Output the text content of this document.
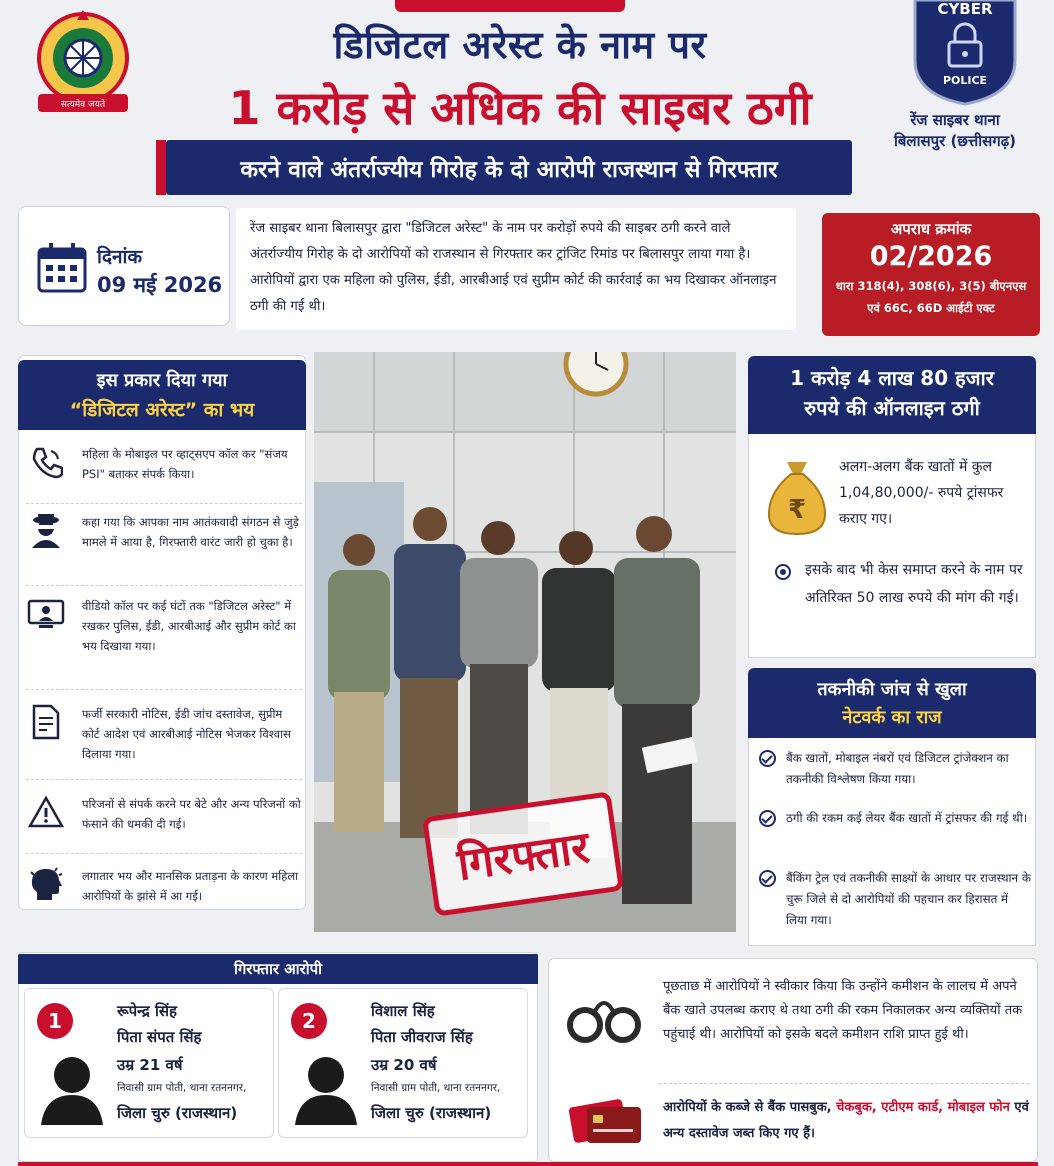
सत्यमेव जयते
डिजिटल अरेस्ट के नाम पर
1 करोड़ से अधिक की साइबर ठगी
करने वाले अंतर्राज्यीय गिरोह के दो आरोपी राजस्थान से गिरफ्तार
CYBER
POLICE
रेंज साइबर थाना
बिलासपुर (छत्तीसगढ़)
दिनांक
09 मई 2026
रेंज साइबर थाना बिलासपुर द्वारा "डिजिटल अरेस्ट" के नाम पर करोड़ों रुपये की साइबर ठगी करने वाले अंतर्राज्यीय गिरोह के दो आरोपियों को राजस्थान से गिरफ्तार कर ट्रांजिट रिमांड पर बिलासपुर लाया गया है। आरोपियों द्वारा एक महिला को पुलिस, ईडी, आरबीआई एवं सुप्रीम कोर्ट की कार्रवाई का भय दिखाकर ऑनलाइन ठगी की गई थी।
अपराध क्रमांक
02/2026
धारा 318(4), 308(6), 3(5) बीएनएस
एवं 66C, 66D आईटी एक्ट
इस प्रकार दिया गया
“डिजिटल अरेस्ट” का भय
महिला के मोबाइल पर व्हाट्सएप कॉल कर "संजय PSI" बताकर संपर्क किया।
कहा गया कि आपका नाम आतंकवादी संगठन से जुड़े मामले में आया है, गिरफ्तारी वारंट जारी हो चुका है।
वीडियो कॉल पर कई घंटों तक "डिजिटल अरेस्ट" में रखकर पुलिस, ईडी, आरबीआई और सुप्रीम कोर्ट का भय दिखाया गया।
फर्जी सरकारी नोटिस, ईडी जांच दस्तावेज, सुप्रीम कोर्ट आदेश एवं आरबीआई नोटिस भेजकर विश्वास दिलाया गया।
परिजनों से संपर्क करने पर बेटे और अन्य परिजनों को फंसाने की धमकी दी गई।
लगातार भय और मानसिक प्रताड़ना के कारण महिला आरोपियों के झांसे में आ गई।
गिरफ्तार
1 करोड़ 4 लाख 80 हजार
रुपये की ऑनलाइन ठगी
₹
अलग-अलग बैंक खातों में कुल 1,04,80,000/- रुपये ट्रांसफर कराए गए।
इसके बाद भी केस समाप्त करने के नाम पर अतिरिक्त 50 लाख रुपये की मांग की गई।
तकनीकी जांच से खुला
नेटवर्क का राज
बैंक खातों, मोबाइल नंबरों एवं डिजिटल ट्रांजेक्शन का तकनीकी विश्लेषण किया गया।
ठगी की रकम कई लेयर बैंक खातों में ट्रांसफर की गई थी।
बैंकिंग ट्रेल एवं तकनीकी साक्ष्यों के आधार पर राजस्थान के चुरू जिले से दो आरोपियों की पहचान कर हिरासत में लिया गया।
गिरफ्तार आरोपी
1	रूपेन्द्र सिंह
पिता संपत सिंह
उम्र 21 वर्ष
निवासी ग्राम पोती, थाना रतननगर,
जिला चुरु (राजस्थान)
2	विशाल सिंह
पिता जीवराज सिंह
उम्र 20 वर्ष
निवासी ग्राम पोती, थाना रतननगर,
जिला चुरु (राजस्थान)
पूछताछ में आरोपियों ने स्वीकार किया कि उन्होंने कमीशन के लालच में अपने बैंक खाते उपलब्ध कराए थे तथा ठगी की रकम निकालकर अन्य व्यक्तियों तक पहुंचाई थी। आरोपियों को इसके बदले कमीशन राशि प्राप्त हुई थी।
आरोपियों के कब्जे से बैंक पासबुक, चेकबुक, एटीएम कार्ड, मोबाइल फोन एवं अन्य दस्तावेज जब्त किए गए हैं।
